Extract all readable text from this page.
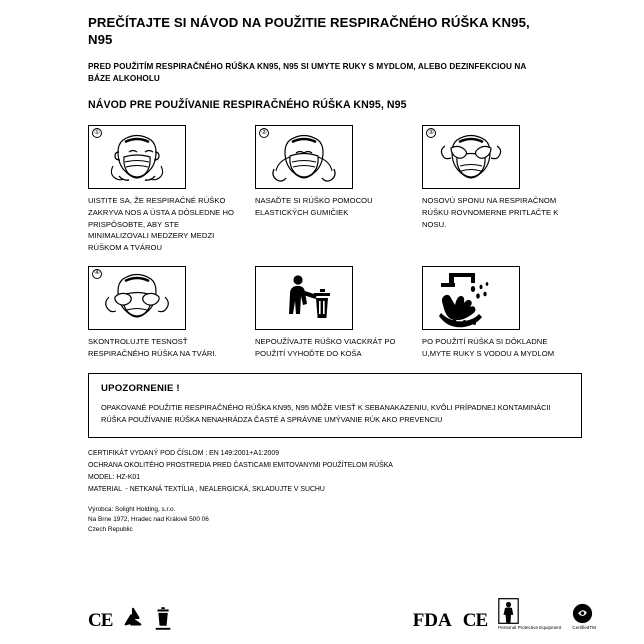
PREČÍTAJTE SI NÁVOD NA POUŽITIE RESPIRAČNÉHO RÚŠKA KN95, N95

PRED POUŽITÍM RESPIRAČNÉHO RÚŠKA KN95, N95 SI UMYTE RUKY S MYDLOM, ALEBO DEZINFEKCIOU NA BÁZE ALKOHOLU

NÁVOD PRE POUŽÍVANIE RESPIRAČNÉHO RÚŠKA KN95, N95
①
UISTITE SA, ŽE RESPIRAČNÉ RÚŠKO ZAKRYVA NOS A ÚSTA A DÔSLEDNE HO PRISPÔSOBTE, ABY STE MINIMALIZOVALI MEDZERY MEDZI RÚŠKOM A TVÁROU
②
NASAĎTE SI RÚŠKO POMOCOU ELASTICKÝCH GUMIČIEK
③
NOSOVÚ SPONU NA RESPIRAČNOM RÚŠKU ROVNOMERNE PRITLAČTE K NOSU.
④
SKONTROLUJTE TESNOSŤ RESPIRAČNÉHO RÚŠKA NA TVÁRI.
NEPOUŽÍVAJTE RÚŠKO VIACKRÁT PO POUŽITÍ VYHOĎTE DO KOŠA
PO POUŽITÍ RÚŠKA SI DÔKLADNE U,MYTE RUKY S VODOU A MYDLOM
UPOZORNENIE !

OPAKOVANÉ POUŽITIE RESPIRAČNÉHO RÚŠKA KN95, N95 MÔŽE VIESŤ K SEBANAKAZENIU, KVÔLI PRÍPADNEJ KONTAMINÁCII RÚŠKA POUŽÍVANIE RÚŠKA NENAHRÁDZA ČASTÉ A SPRÁVNE UMÝVANIE RÚK AKO PREVENCIU

CERTIFIKÁT VYDANÝ POD ČÍSLOM : EN 149:2001+A1:2009
OCHRANA OKOLITÉHO PROSTREDIA PRED ČASTICAMI EMITOVANYMI POUŽÍTELOM RÚŠKA
MODEL: HZ-K01
MATERIAL  - NETKANÁ TEXTÍLIA , NEALERGICKÁ, SKLADUJTE V SUCHU
Výrobca: Solight Holding, s.r.o.
Na Brne 1972, Hradec nad Králové 500 06
Czech Republic
CE	FDA CE	PPE
Personal Protective Equipment CertifiedTM
